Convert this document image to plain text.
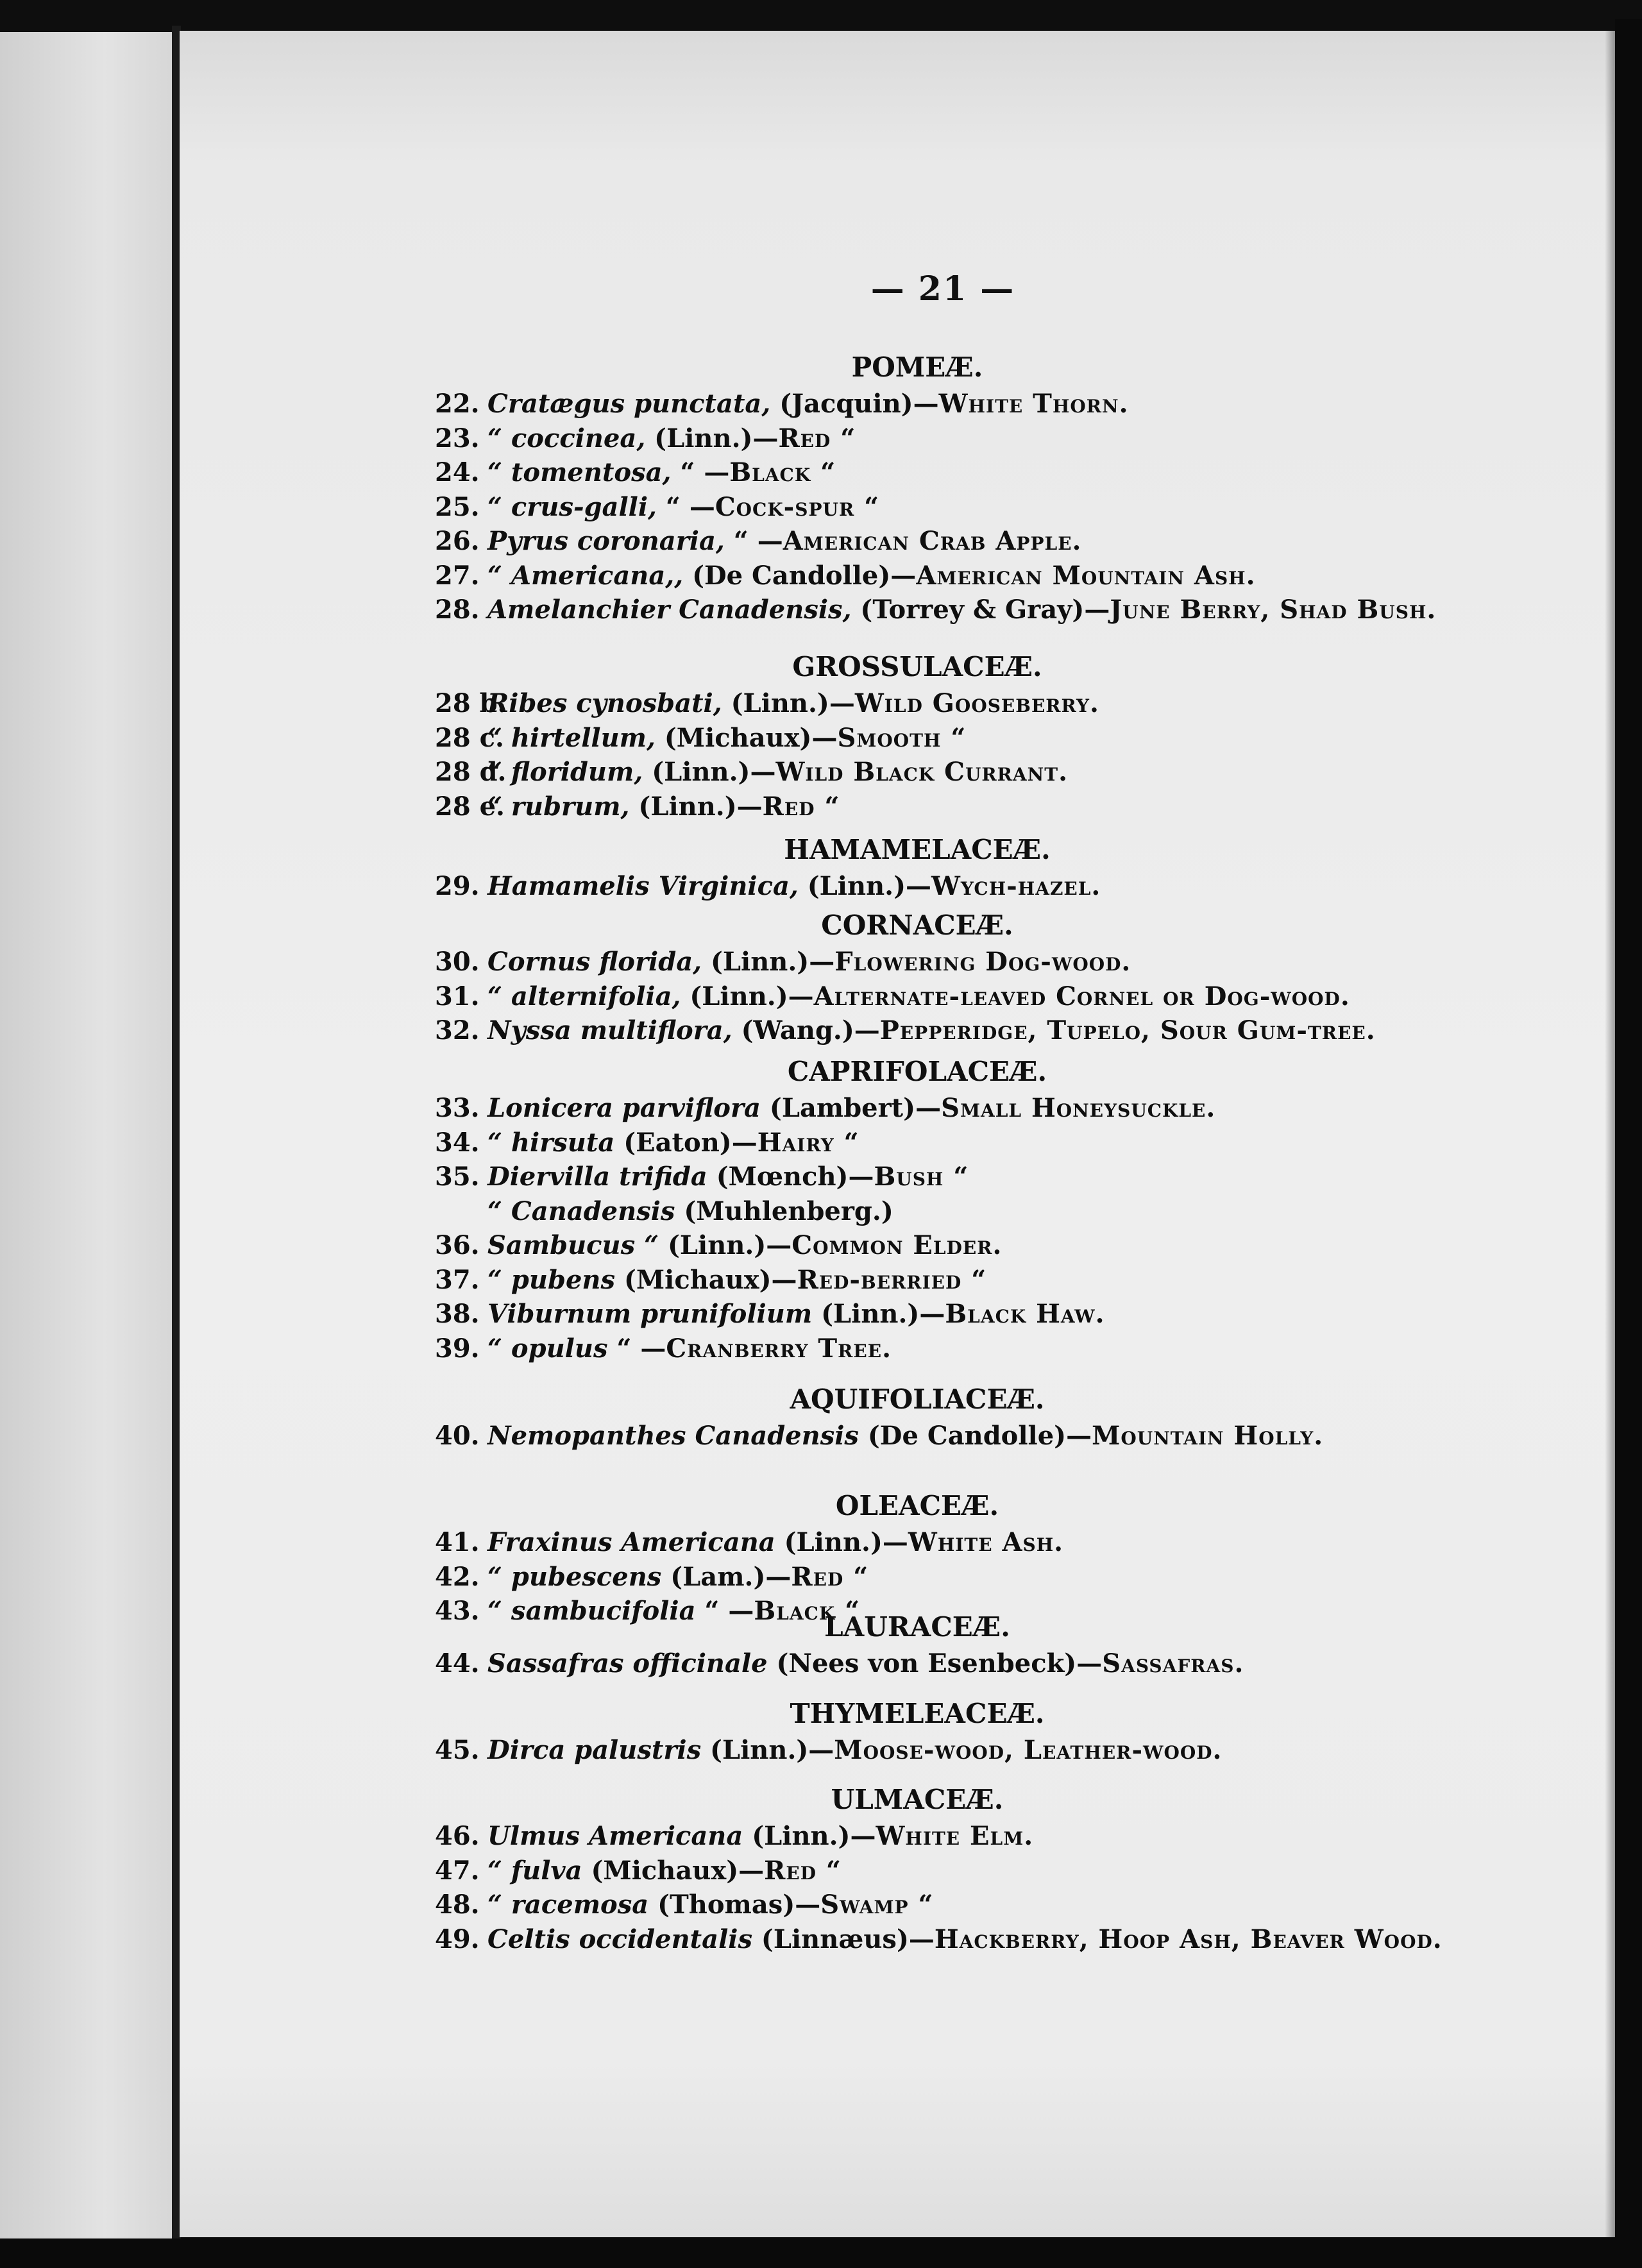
— 21 —
POMEÆ.
22. Cratægus punctata, (Jacquin)—White Thorn.
23. “ coccinea, (Linn.)—Red “
24. “ tomentosa, “ —Black “
25. “ crus-galli, “ —Cock-spur “
26. Pyrus coronaria, “ —American Crab Apple.
27. “ Americana,, (De Candolle)—American Mountain Ash.
28. Amelanchier Canadensis, (Torrey & Gray)—June Berry, Shad Bush.
GROSSULACEÆ.
28 b.Ribes cynosbati, (Linn.)—Wild Gooseberry.
28 c.“ hirtellum, (Michaux)—Smooth “
28 d.“ floridum, (Linn.)—Wild Black Currant.
28 e.“ rubrum, (Linn.)—Red “
HAMAMELACEÆ.
29. Hamamelis Virginica, (Linn.)—Wych-hazel.
CORNACEÆ.
30. Cornus florida, (Linn.)—Flowering Dog-wood.
31. “ alternifolia, (Linn.)—Alternate-leaved Cornel or Dog-wood.
32. Nyssa multiflora, (Wang.)—Pepperidge, Tupelo, Sour Gum-tree.
CAPRIFOLACEÆ.
33. Lonicera parviflora (Lambert)—Small Honeysuckle.
34. “ hirsuta (Eaton)—Hairy “
35. Diervilla trifida (Mœnch)—Bush “
“ Canadensis (Muhlenberg.)
36. Sambucus “ (Linn.)—Common Elder.
37. “ pubens (Michaux)—Red-berried “
38. Viburnum prunifolium (Linn.)—Black Haw.
39. “ opulus “ —Cranberry Tree.
AQUIFOLIACEÆ.
40. Nemopanthes Canadensis (De Candolle)—Mountain Holly.
OLEACEÆ.
41. Fraxinus Americana (Linn.)—White Ash.
42. “ pubescens (Lam.)—Red “
43. “ sambucifolia “ —Black “
LAURACEÆ.
44. Sassafras officinale (Nees von Esenbeck)—Sassafras.
THYMELEACEÆ.
45. Dirca palustris (Linn.)—Moose-wood, Leather-wood.
ULMACEÆ.
46. Ulmus Americana (Linn.)—White Elm.
47. “ fulva (Michaux)—Red “
48. “ racemosa (Thomas)—Swamp “
49. Celtis occidentalis (Linnæus)—Hackberry, Hoop Ash, Beaver Wood.
